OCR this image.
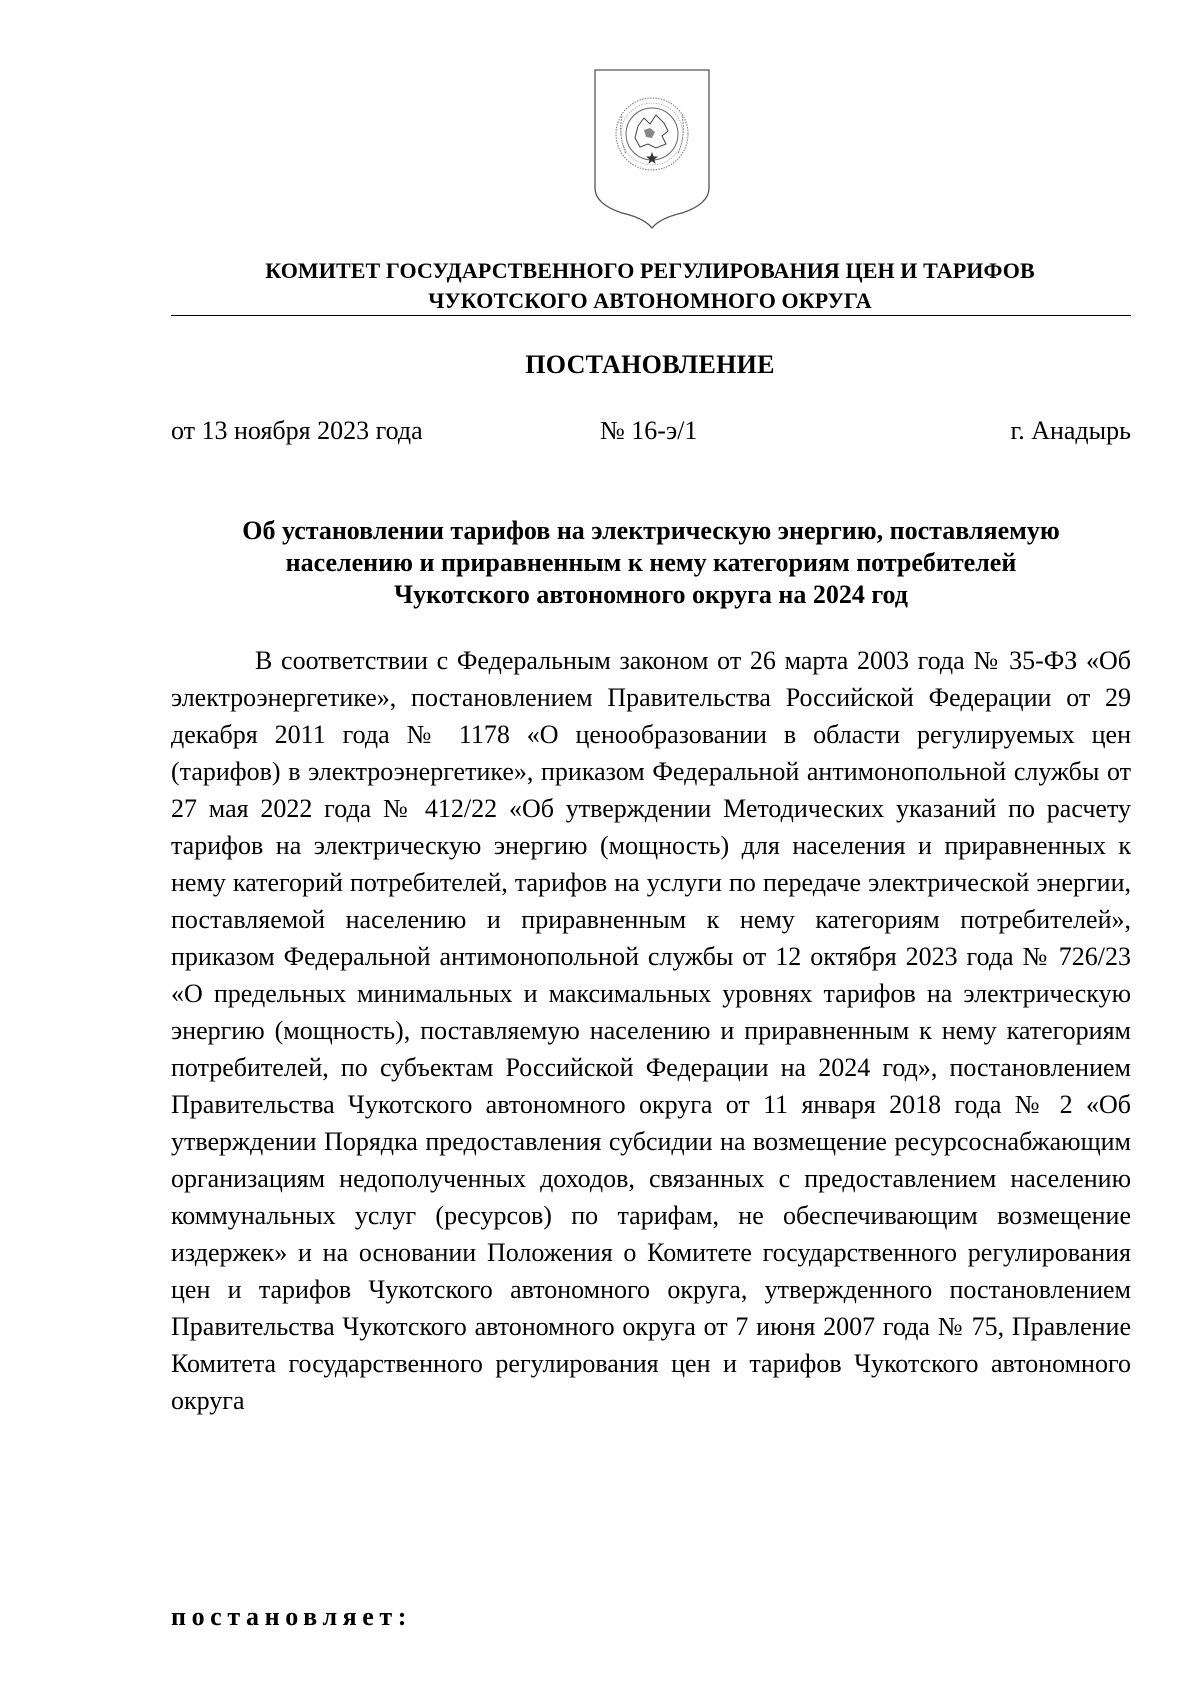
КОМИТЕТ ГОСУДАРСТВЕННОГО РЕГУЛИРОВАНИЯ ЦЕН И ТАРИФОВ
ЧУКОТСКОГО АВТОНОМНОГО ОКРУГА
ПОСТАНОВЛЕНИЕ
от 13 ноября 2023 года	№ 16-э/1	г. Анадырь
Об установлении тарифов на электрическую энергию, поставляемую
населению и приравненным к нему категориям потребителей
Чукотского автономного округа на 2024 год

В соответствии с Федеральным законом от 26 марта 2003 года № 35-ФЗ «Об электроэнергетике», постановлением Правительства Российской Федерации от 29 декабря 2011 года № 1178 «О ценообразовании в области регулируемых цен (тарифов) в электроэнергетике», приказом Федеральной антимонопольной службы от 27 мая 2022 года № 412/22 «Об утверждении Методических указаний по расчету тарифов на электрическую энергию (мощность) для населения и приравненных к нему категорий потребителей, тарифов на услуги по передаче электрической энергии, поставляемой населению и приравненным к нему категориям потребителей», приказом Федеральной антимонопольной службы от 12 октября 2023 года № 726/23 «О предельных минимальных и максимальных уровнях тарифов на электрическую энергию (мощность), поставляемую населению и приравненным к нему категориям потребителей, по субъектам Российской Федерации на 2024 год», постановлением Правительства Чукотского автономного округа от 11 января 2018 года № 2 «Об утверждении Порядка предоставления субсидии на возмещение ресурсоснабжающим организациям недополученных доходов, связанных с предоставлением населению коммунальных услуг (ресурсов) по тарифам, не обеспечивающим возмещение издержек» и на основании Положения о Комитете государственного регулирования цен и тарифов Чукотского автономного округа, утвержденного постановлением Правительства Чукотского автономного округа от 7 июня 2007 года № 75, Правление Комитета государственного регулирования цен и тарифов Чукотского автономного округа

постановляет:
